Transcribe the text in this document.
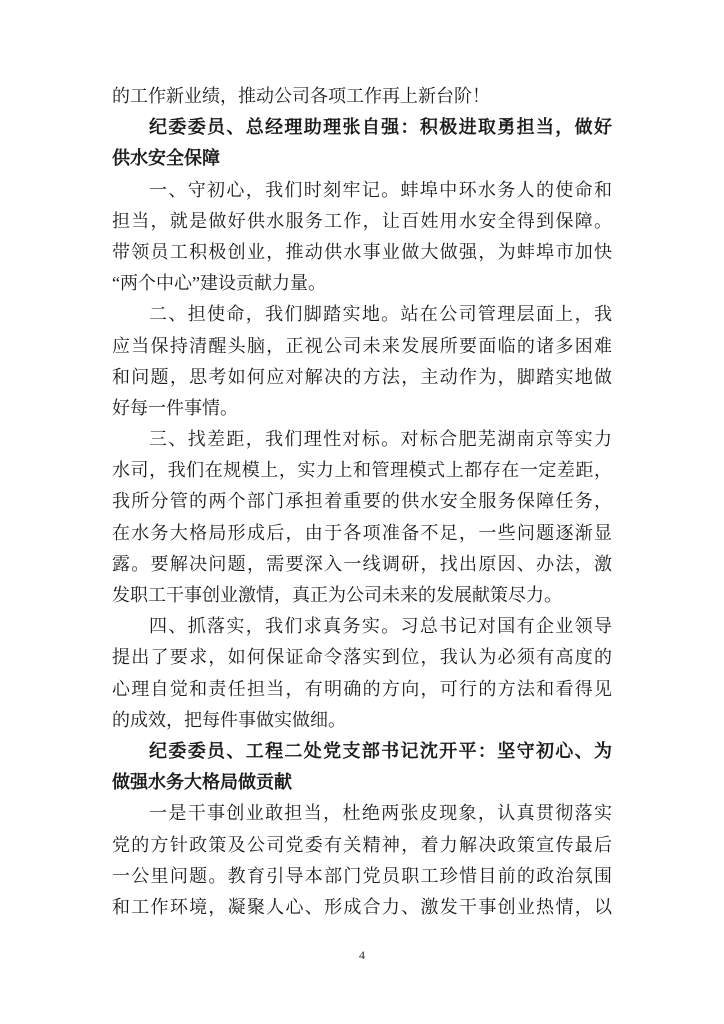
的工作新业绩，推动公司各项工作再上新台阶！
纪委委员、总经理助理张自强：积极进取勇担当，做好
供水安全保障
一、守初心，我们时刻牢记。蚌埠中环水务人的使命和
担当，就是做好供水服务工作，让百姓用水安全得到保障。
带领员工积极创业，推动供水事业做大做强，为蚌埠市加快
“两个中心”建设贡献力量。
二、担使命，我们脚踏实地。站在公司管理层面上，我
应当保持清醒头脑，正视公司未来发展所要面临的诸多困难
和问题，思考如何应对解决的方法，主动作为，脚踏实地做
好每一件事情。
三、找差距，我们理性对标。对标合肥芜湖南京等实力
水司，我们在规模上，实力上和管理模式上都存在一定差距，
我所分管的两个部门承担着重要的供水安全服务保障任务，
在水务大格局形成后，由于各项准备不足，一些问题逐渐显
露。要解决问题，需要深入一线调研，找出原因、办法，激
发职工干事创业激情，真正为公司未来的发展献策尽力。
四、抓落实，我们求真务实。习总书记对国有企业领导
提出了要求，如何保证命令落实到位，我认为必须有高度的
心理自觉和责任担当，有明确的方向，可行的方法和看得见
的成效，把每件事做实做细。
纪委委员、工程二处党支部书记沈开平：坚守初心、为
做强水务大格局做贡献
一是干事创业敢担当，杜绝两张皮现象，认真贯彻落实
党的方针政策及公司党委有关精神，着力解决政策宣传最后
一公里问题。教育引导本部门党员职工珍惜目前的政治氛围
和工作环境，凝聚人心、形成合力、激发干事创业热情，以
4
